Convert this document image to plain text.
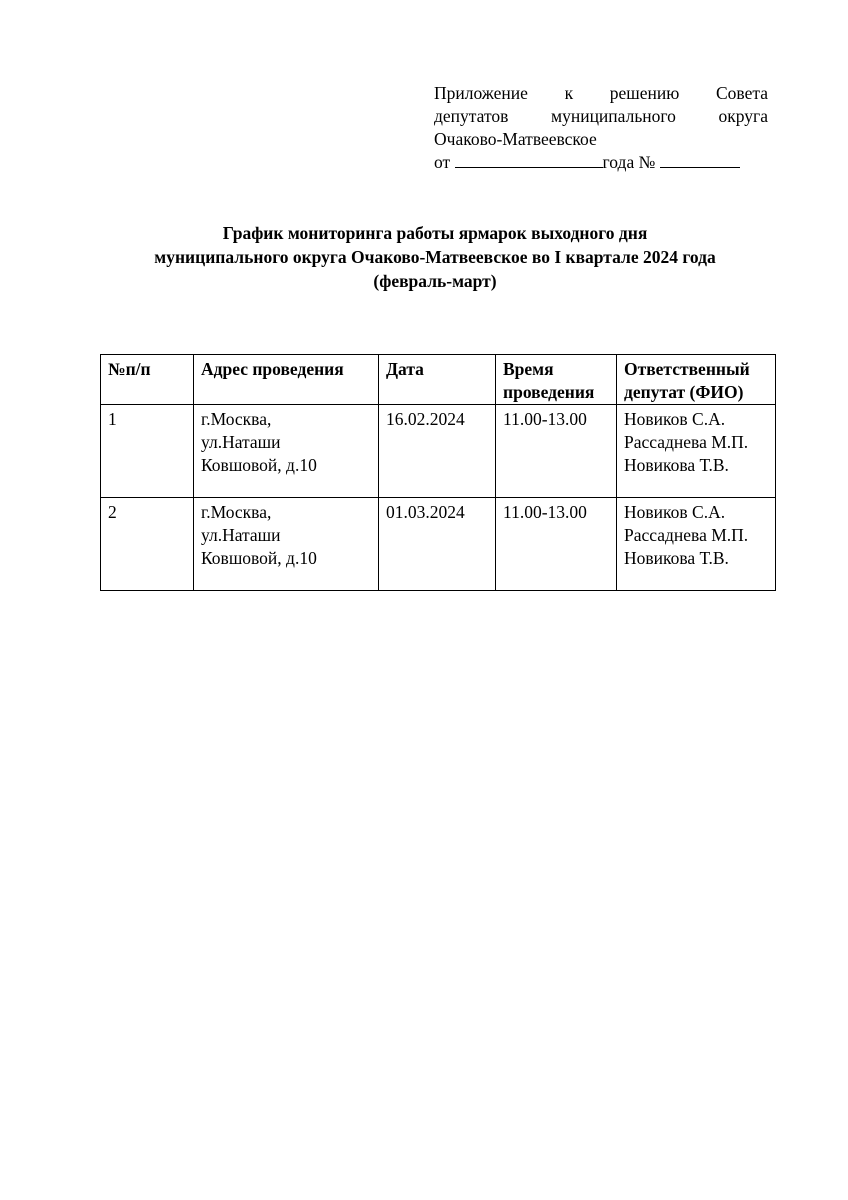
Приложение к решению Совета
депутатов муниципального округа
Очаково-Матвеевское
от	года №
График мониторинга работы ярмарок выходного дня
муниципального округа Очаково-Матвеевское во I квартале 2024 года
(февраль-март)
№п/п	Адрес проведения	Дата	Время
проведения	Ответственный
депутат (ФИО)

1	г.Москва,
ул.Наташи
Ковшовой, д.10	16.02.2024	11.00-13.00	Новиков С.А.
Рассаднева М.П.
Новикова Т.В.

2	г.Москва,
ул.Наташи
Ковшовой, д.10	01.03.2024	11.00-13.00	Новиков С.А.
Рассаднева М.П.
Новикова Т.В.
